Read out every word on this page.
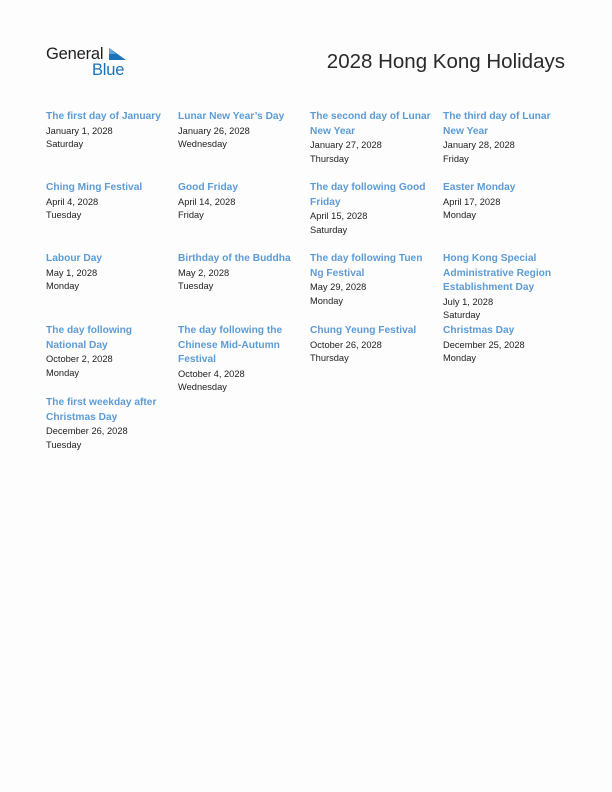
General
Blue	2028 Hong Kong Holidays
The first day of January
January 1, 2028
Saturday
Lunar New Year’s Day
January 26, 2028
Wednesday
The second day of Lunar New Year
January 27, 2028
Thursday
The third day of Lunar New Year
January 28, 2028
Friday
Ching Ming Festival
April 4, 2028
Tuesday
Good Friday
April 14, 2028
Friday
The day following Good Friday
April 15, 2028
Saturday
Easter Monday
April 17, 2028
Monday
Labour Day
May 1, 2028
Monday
Birthday of the Buddha
May 2, 2028
Tuesday
The day following Tuen Ng Festival
May 29, 2028
Monday
Hong Kong Special Administrative Region Establishment Day
July 1, 2028
Saturday
The day following National Day
October 2, 2028
Monday
The day following the Chinese Mid-Autumn Festival
October 4, 2028
Wednesday
Chung Yeung Festival
October 26, 2028
Thursday
Christmas Day
December 25, 2028
Monday
The first weekday after Christmas Day
December 26, 2028
Tuesday
